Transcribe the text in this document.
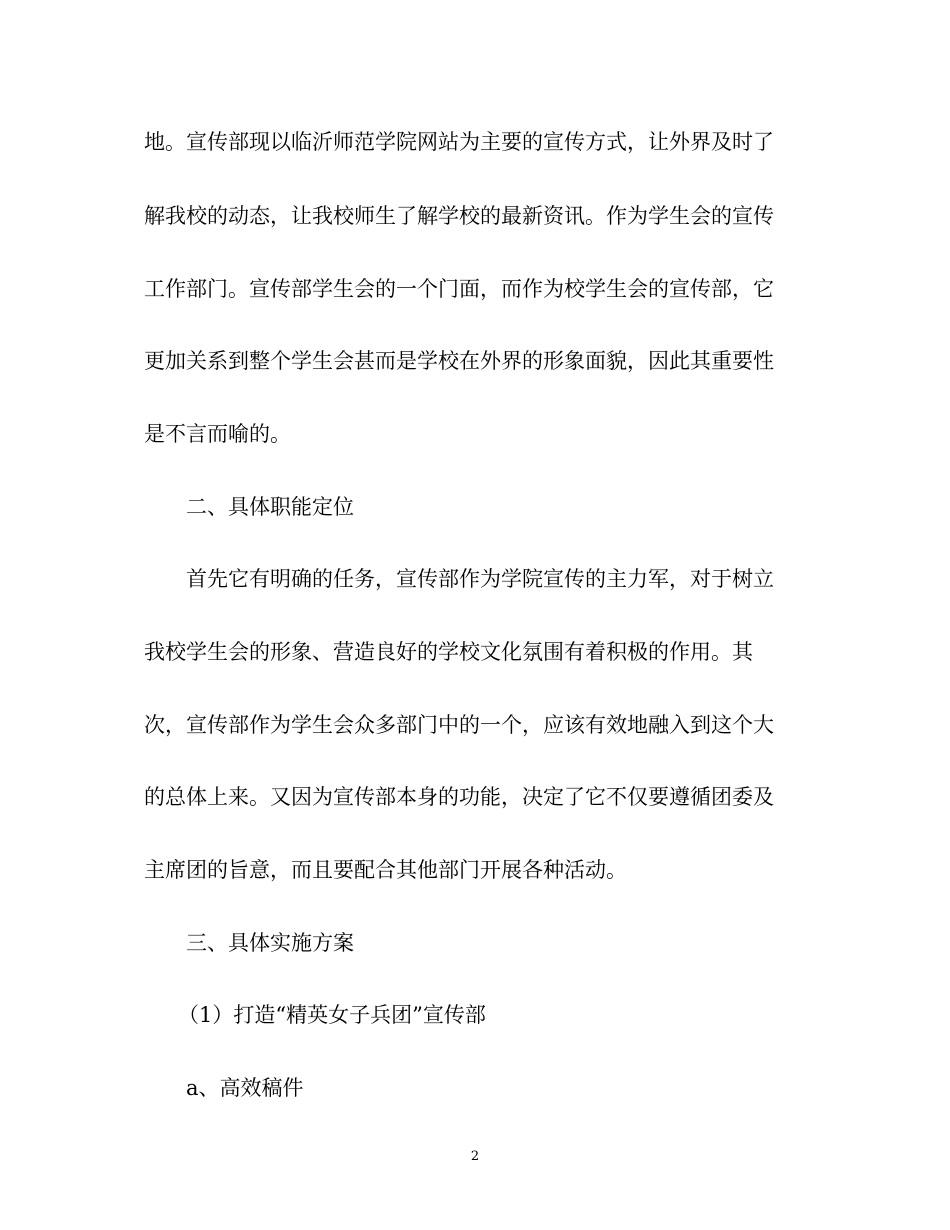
地。宣传部现以临沂师范学院网站为主要的宣传方式，让外界及时了
解我校的动态，让我校师生了解学校的最新资讯。作为学生会的宣传
工作部门。宣传部学生会的一个门面，而作为校学生会的宣传部，它
更加关系到整个学生会甚而是学校在外界的形象面貌，因此其重要性
是不言而喻的。
二、具体职能定位
首先它有明确的任务，宣传部作为学院宣传的主力军，对于树立
我校学生会的形象、营造良好的学校文化氛围有着积极的作用。其
次，宣传部作为学生会众多部门中的一个，应该有效地融入到这个大
的总体上来。又因为宣传部本身的功能，决定了它不仅要遵循团委及
主席团的旨意，而且要配合其他部门开展各种活动。
三、具体实施方案
（1）打造“精英女子兵团”宣传部
a、高效稿件
2
